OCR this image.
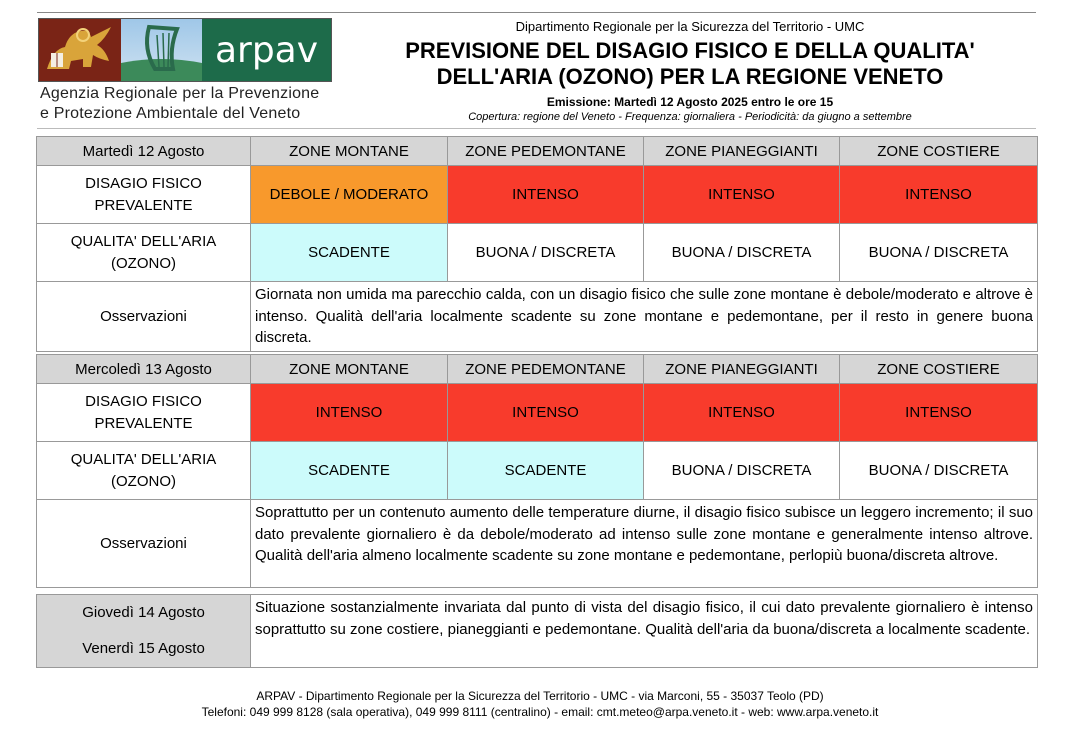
arpav
Agenzia Regionale per la Prevenzione
e Protezione Ambientale del Veneto
Dipartimento Regionale per la Sicurezza del Territorio - UMC
PREVISIONE DEL DISAGIO FISICO E DELLA QUALITA'
DELL'ARIA (OZONO) PER LA REGIONE VENETO
Emissione: Martedì 12 Agosto 2025 entro le ore 15
Copertura: regione del Veneto - Frequenza: giornaliera - Periodicità: da giugno a settembre
Martedì 12 Agosto	ZONE MONTANE	ZONE PEDEMONTANE	ZONE PIANEGGIANTI	ZONE COSTIERE

DISAGIO FISICO
PREVALENTE	DEBOLE / MODERATO	INTENSO	INTENSO	INTENSO

QUALITA' DELL'ARIA
(OZONO)	SCADENTE	BUONA / DISCRETA	BUONA / DISCRETA	BUONA / DISCRETA
Osservazioni	Giornata non umida ma parecchio calda, con un disagio fisico che sulle zone montane è debole/moderato e altrove è intenso. Qualità dell'aria localmente scadente su zone montane e pedemontane, per il resto in genere buona discreta.			
Mercoledì 13 Agosto	ZONE MONTANE	ZONE PEDEMONTANE	ZONE PIANEGGIANTI	ZONE COSTIERE

DISAGIO FISICO
PREVALENTE	INTENSO	INTENSO	INTENSO	INTENSO

QUALITA' DELL'ARIA
(OZONO)	SCADENTE	SCADENTE	BUONA / DISCRETA	BUONA / DISCRETA
Osservazioni	Soprattutto per un contenuto aumento delle temperature diurne, il disagio fisico subisce un leggero incremento; il suo dato prevalente giornaliero è da debole/moderato ad intenso sulle zone montane e generalmente intenso altrove. Qualità dell'aria almeno localmente scadente su zone montane e pedemontane, perlopiù buona/discreta altrove.			
Giovedì 14 Agosto
Venerdì 15 Agosto
	Situazione sostanzialmente invariata dal punto di vista del disagio fisico, il cui dato prevalente giornaliero è intenso soprattutto su zone costiere, pianeggianti e pedemontane. Qualità dell'aria da buona/discreta a localmente scadente.
ARPAV - Dipartimento Regionale per la Sicurezza del Territorio - UMC - via Marconi, 55 - 35037 Teolo (PD)
Telefoni: 049 999 8128 (sala operativa), 049 999 8111 (centralino) - email: cmt.meteo@arpa.veneto.it - web: www.arpa.veneto.it
